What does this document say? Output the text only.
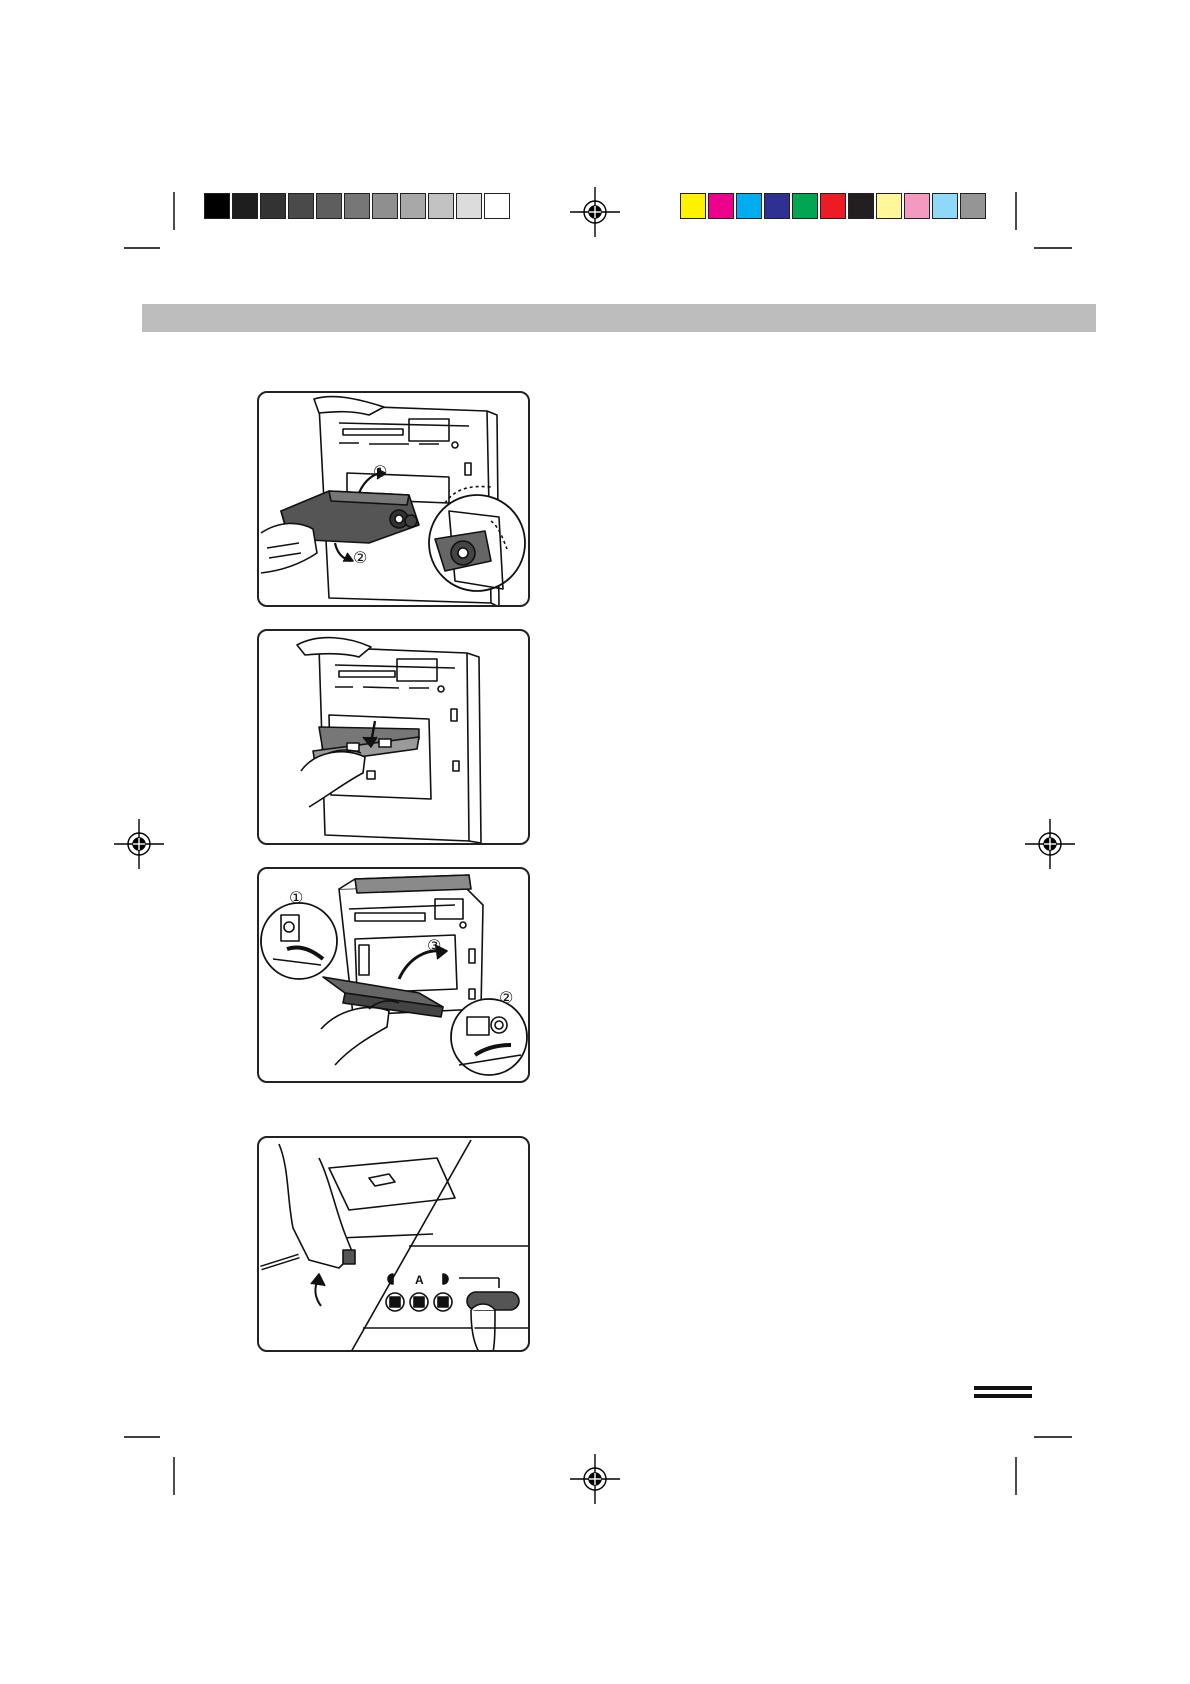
①
②
①
②
③
A
